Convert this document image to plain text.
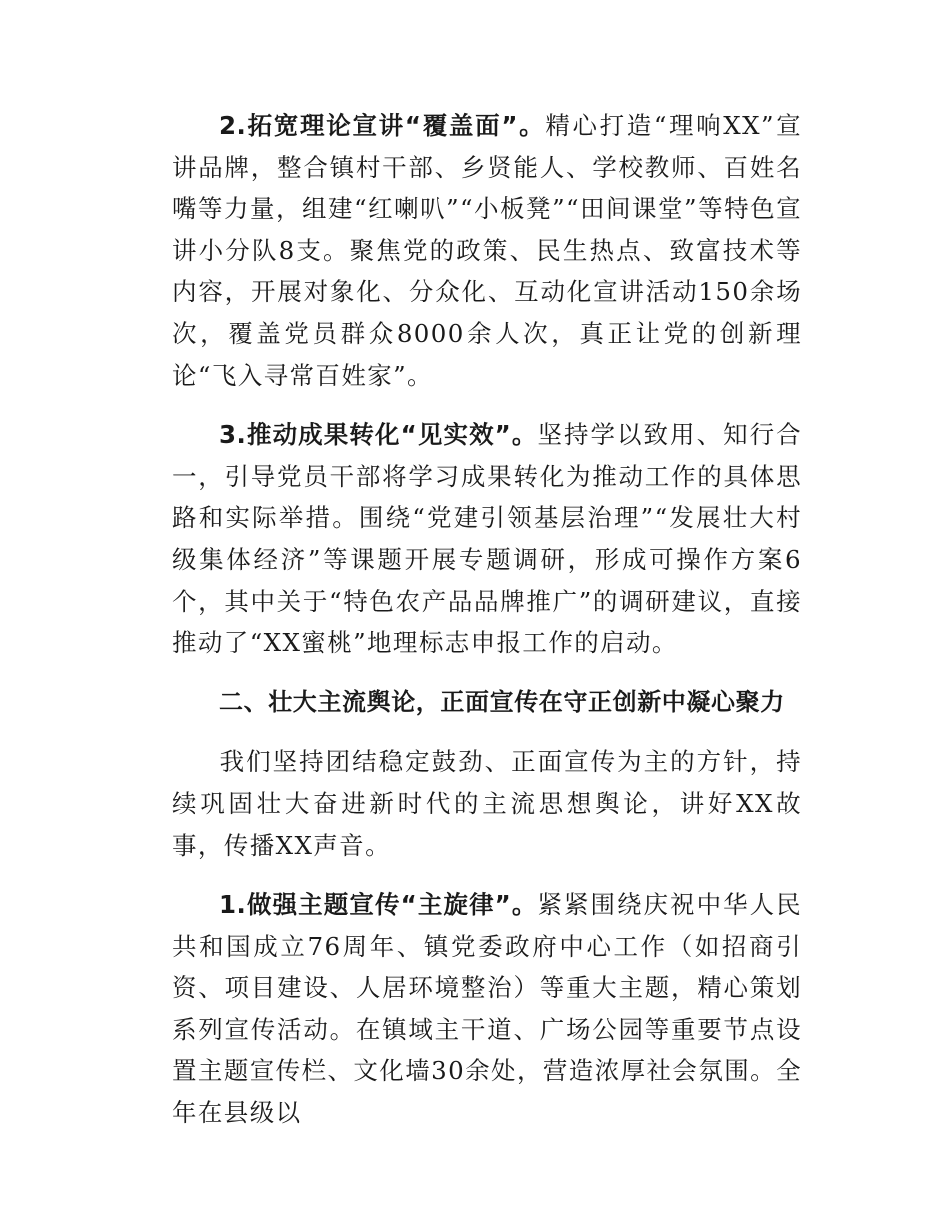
2.拓宽理论宣讲“覆盖面”。精心打造“理响XX”宣讲品牌，整合镇村干部、乡贤能人、学校教师、百姓名嘴等力量，组建“红喇叭”“小板凳”“田间课堂”等特色宣讲小分队8支。聚焦党的政策、民生热点、致富技术等内容，开展对象化、分众化、互动化宣讲活动150余场次，覆盖党员群众8000余人次，真正让党的创新理论“飞入寻常百姓家”。

3.推动成果转化“见实效”。坚持学以致用、知行合一，引导党员干部将学习成果转化为推动工作的具体思路和实际举措。围绕“党建引领基层治理”“发展壮大村级集体经济”等课题开展专题调研，形成可操作方案6个，其中关于“特色农产品品牌推广”的调研建议，直接推动了“XX蜜桃”地理标志申报工作的启动。

二、壮大主流舆论，正面宣传在守正创新中凝心聚力

我们坚持团结稳定鼓劲、正面宣传为主的方针，持续巩固壮大奋进新时代的主流思想舆论，讲好XX故事，传播XX声音。

1.做强主题宣传“主旋律”。紧紧围绕庆祝中华人民共和国成立76周年、镇党委政府中心工作（如招商引资、项目建设、人居环境整治）等重大主题，精心策划系列宣传活动。在镇域主干道、广场公园等重要节点设置主题宣传栏、文化墙30余处，营造浓厚社会氛围。全年在县级以
